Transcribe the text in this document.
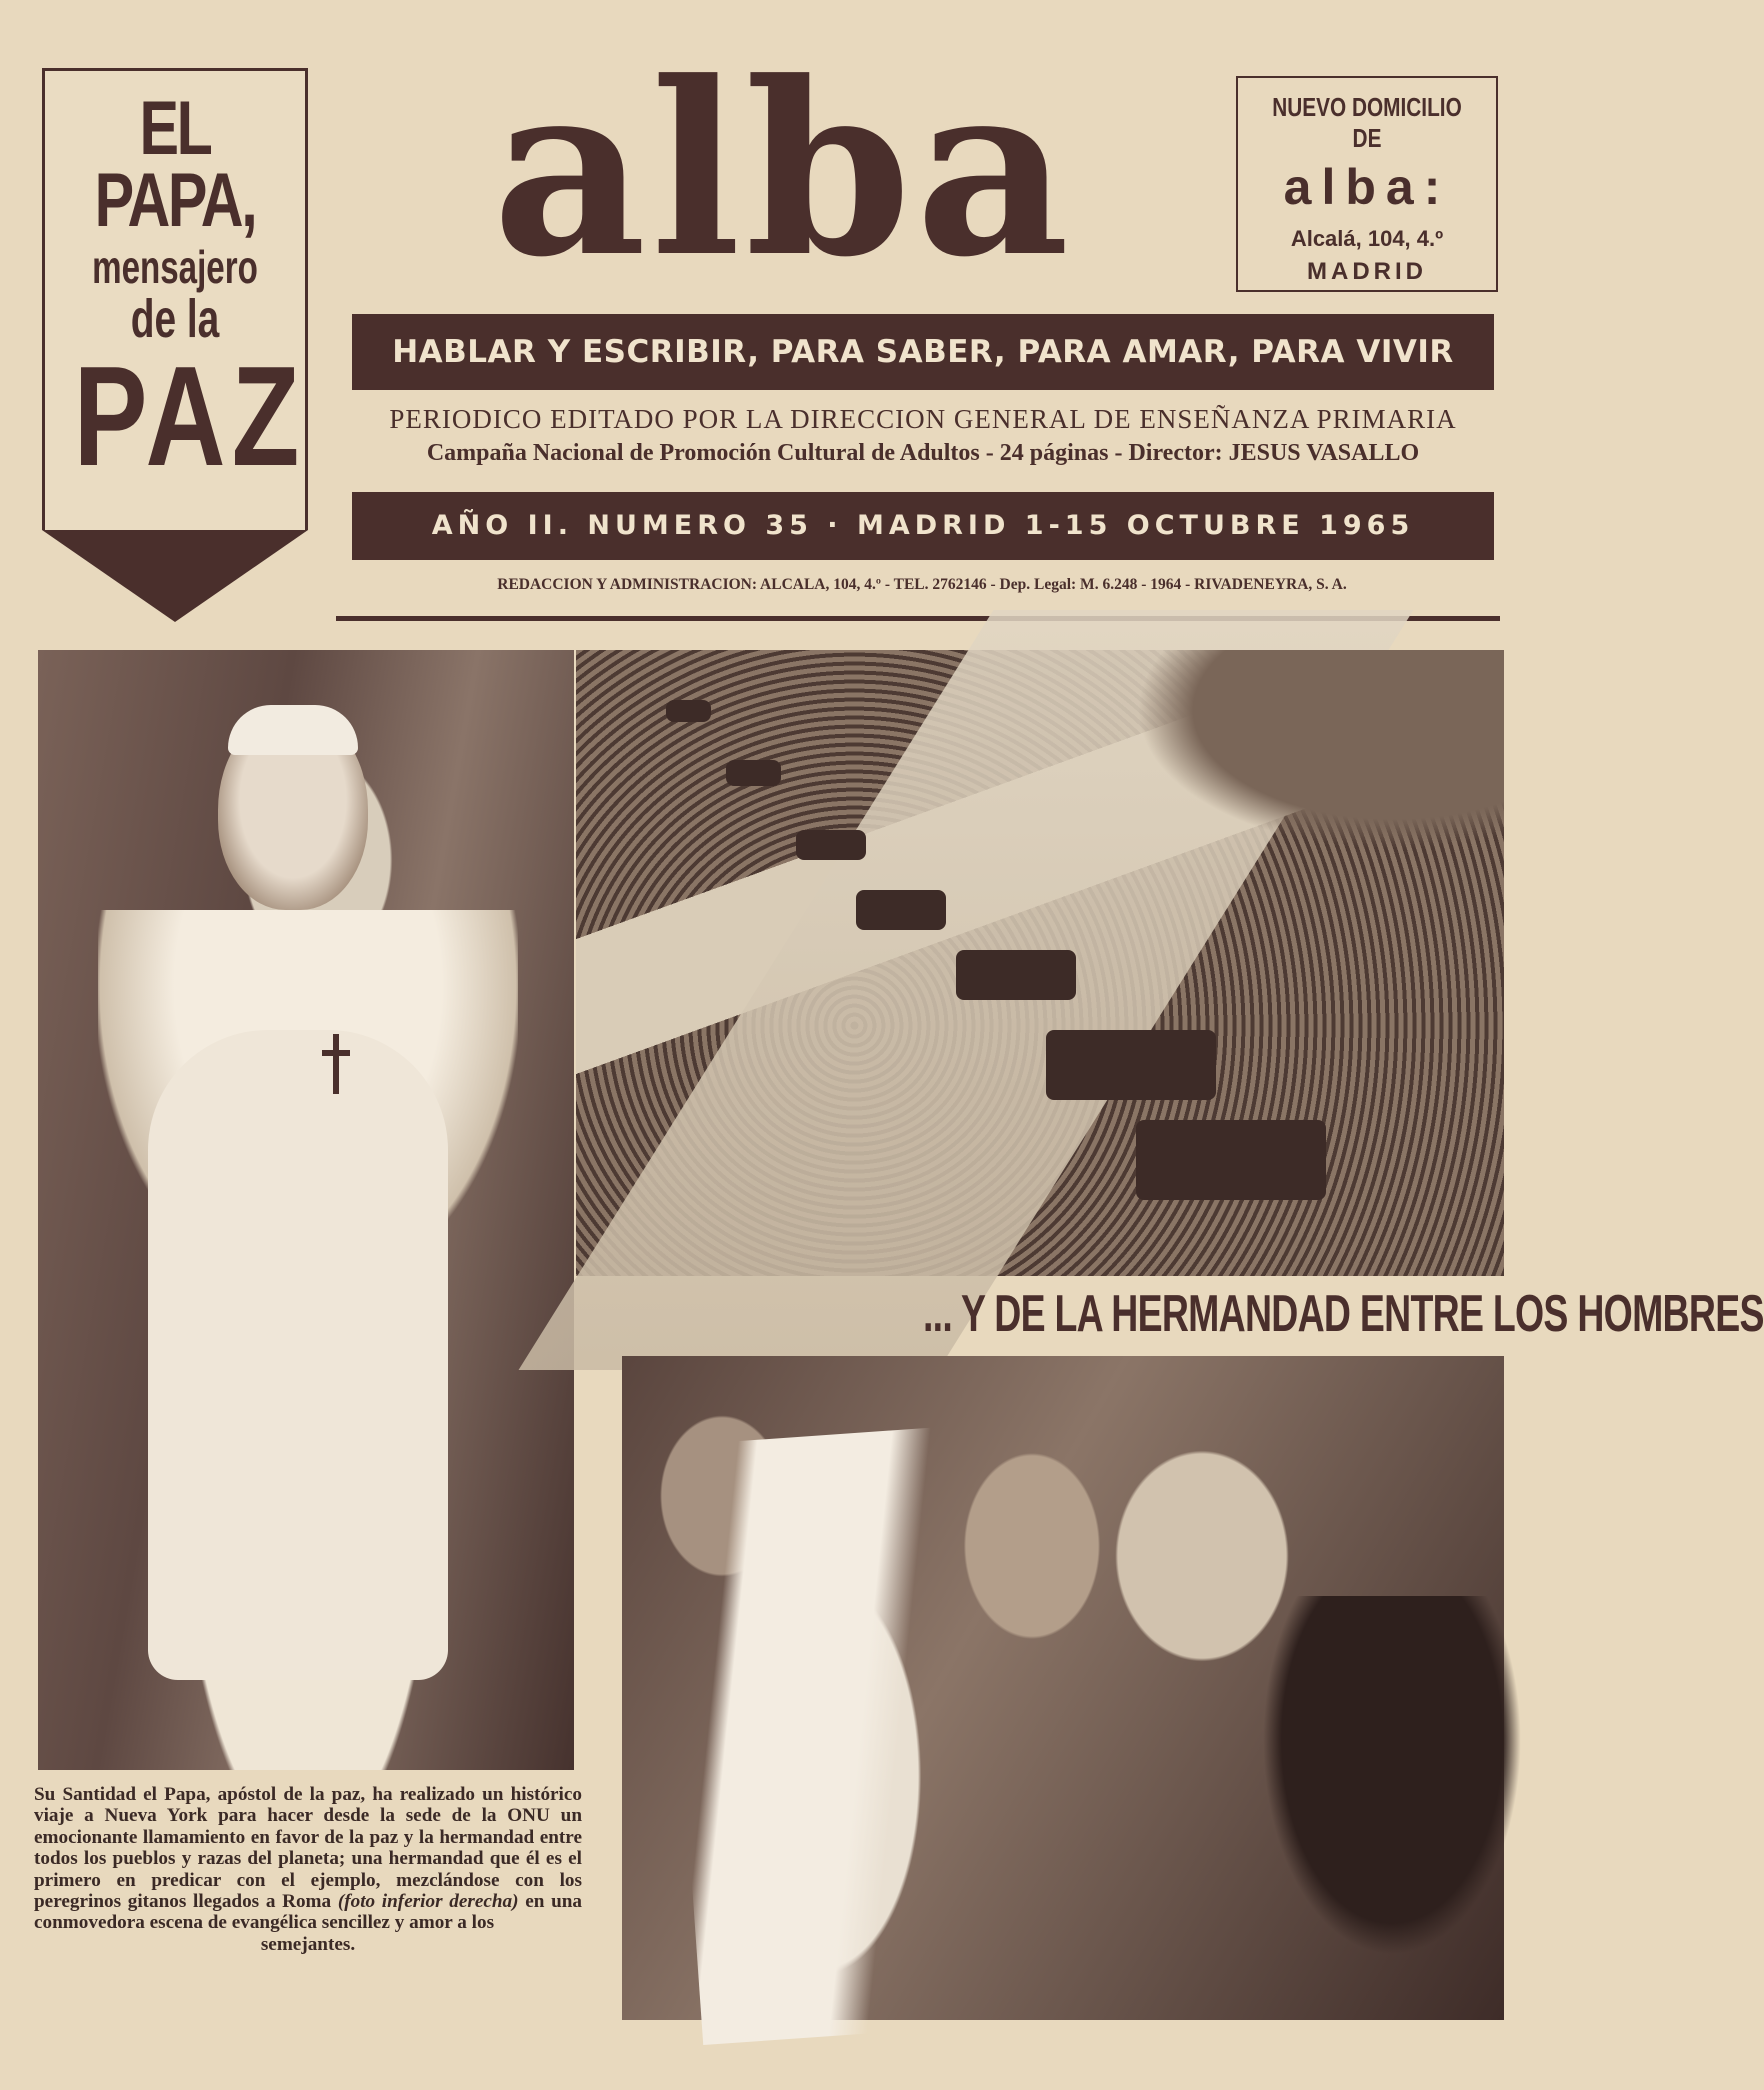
EL PAPA,
mensajero
de la
PAZ
alba	NUEVO DOMICILIO DE
alba:
Alcalá, 104, 4.º
MADRID
HABLAR Y ESCRIBIR, PARA SABER, PARA AMAR, PARA VIVIR
PERIODICO EDITADO POR LA DIRECCION GENERAL DE ENSEÑANZA PRIMARIA
Campaña Nacional de Promoción Cultural de Adultos - 24 páginas - Director: JESUS VASALLO
AÑO II. NUMERO 35 · MADRID 1-15 OCTUBRE 1965
REDACCION Y ADMINISTRACION: ALCALA, 104, 4.º - TEL. 2762146 - Dep. Legal: M. 6.248 - 1964 - RIVADENEYRA, S. A.
... Y DE LA HERMANDAD ENTRE LOS HOMBRES
Su Santidad el Papa, apóstol de la paz, ha realizado un histórico viaje a Nueva York para hacer desde la sede de la ONU un emocionante llamamiento en favor de la paz y la hermandad entre todos los pueblos y razas del planeta; una hermandad que él es el primero en predicar con el ejemplo, mezclándose con los peregrinos gitanos llegados a Roma (foto inferior derecha) en una conmovedora escena de evangélica sencillez y amor a los
semejantes.
